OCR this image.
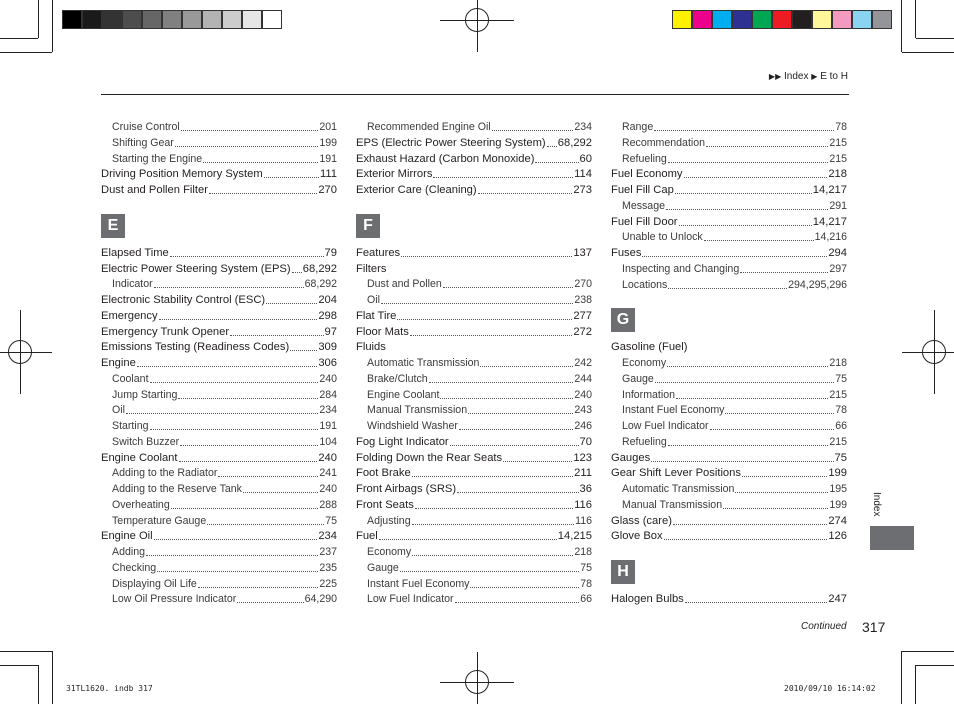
▶▶ Index ▶ E to H
Cruise Control	201
Shifting Gear	199
Starting the Engine	191
Driving Position Memory System	111
Dust and Pollen Filter	270
E
Elapsed Time	79
Electric Power Steering System (EPS) 68,292
Indicator	68,292
Electronic Stability Control (ESC)	204
Emergency	298
Emergency Trunk Opener	97
Emissions Testing (Readiness Codes)	309
Engine	306
Coolant	240
Jump Starting	284
Oil	234
Starting	191
Switch Buzzer	104
Engine Coolant	240
Adding to the Radiator	241
Adding to the Reserve Tank	240
Overheating	288
Temperature Gauge	75
Engine Oil	234
Adding	237
Checking	235
Displaying Oil Life	225
Low Oil Pressure Indicator	64,290
Recommended Engine Oil	234
EPS (Electric Power Steering System) 68,292
Exhaust Hazard (Carbon Monoxide)	60
Exterior Mirrors	114
Exterior Care (Cleaning)	273
F
Features	137
Filters
Dust and Pollen	270
Oil	238
Flat Tire	277
Floor Mats	272
Fluids
Automatic Transmission	242
Brake/Clutch	244
Engine Coolant	240
Manual Transmission	243
Windshield Washer	246
Fog Light Indicator	70
Folding Down the Rear Seats	123
Foot Brake	211
Front Airbags (SRS)	36
Front Seats	116
Adjusting	116
Fuel	14,215
Economy	218
Gauge	75
Instant Fuel Economy	78
Low Fuel Indicator	66
Range	78
Recommendation	215
Refueling	215
Fuel Economy	218
Fuel Fill Cap	14,217
Message	291
Fuel Fill Door	14,217
Unable to Unlock	14,216
Fuses	294
Inspecting and Changing	297
Locations	294,295,296
G
Gasoline (Fuel)
Economy	218
Gauge	75
Information	215
Instant Fuel Economy	78
Low Fuel Indicator	66
Refueling	215
Gauges	75
Gear Shift Lever Positions	199
Automatic Transmission	195
Manual Transmission	199
Glass (care)	274
Glove Box	126
H
Halogen Bulbs	247
Index
Continued 317
31TL1620. indb 317	2010/09/10 16:14:02
